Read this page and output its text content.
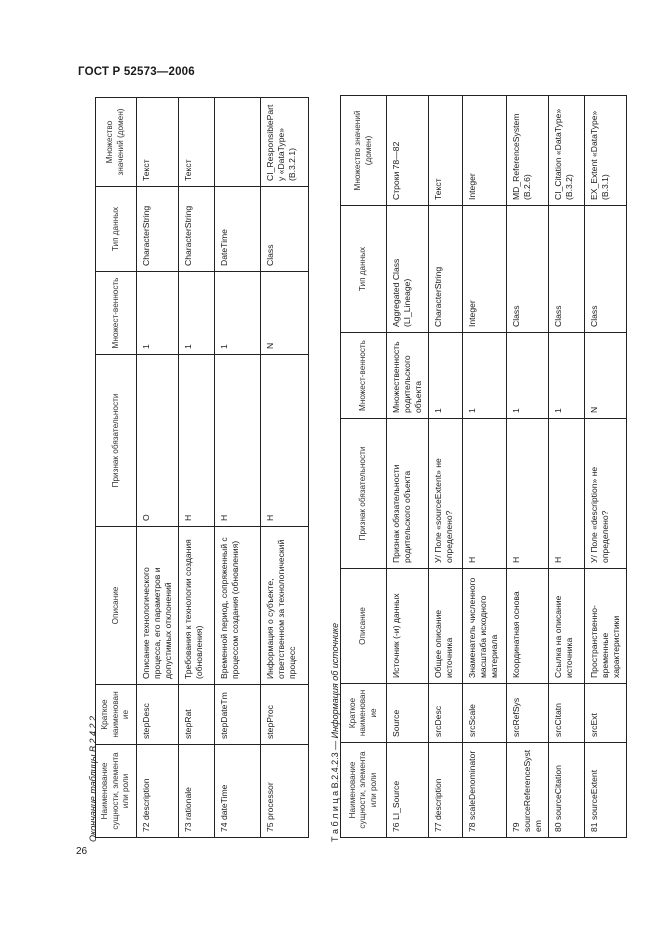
ГОСТ Р 52573—2006
Окончание таблицы В.2.4.2.2 Наименование сущности, элемента или роли	Краткое наименование	Описание	Признак обязательности	Множест-венность	Тип данных	Множество значений (домен)
72 description	stepDesc	Описание технологического процесса, его параметров и допустимых отклонений	О	1	CharacterString	Текст
73 rationale	stepRat	Требования к технологии создания (обновления)	Н	1	CharacterString	Текст
74 dateTime	stepDateTm	Временной период, сопряженный с процессом создания (обновления)	Н	1	DateTime	
75 processor	stepProc	Информация о субъекте, ответственном за технологический процесс	Н	N	Class	CI_ResponsibleParty «DataType» (B.3.2.1)
Т а б л и ц а В.2.4.2.3 — Информация об источнике
Наименование сущности, элемента или роли	Краткое наименование	Описание	Признак обязательности	Множест-венность	Тип данных	Множество значений (домен)
76 LI_Source	Source	Источник (-и) данных	Признак обязательности родительского объекта	Множественность родительского объекта	Aggregated Class (LI_Lineage)	Строки 78—82
77 description	srcDesc	Общее описание источника	У/ Поле «sourceExtent» не определено?	1	CharacterString	Текст
78 scaleDenominator	srcScale	Знаменатель численного масштаба исходного материала	Н	1	Integer	Integer
79 sourceReferenceSystem	srcRefSys	Координатная основа	Н	1	Class	MD_ReferenceSystem (B.2.6)
80 sourceCitation	srcCitatn	Ссылка на описание источника	Н	1	Class	CI_Citation «DataType» (B.3.2)
81 sourceExtent	srcExt	Пространственно-временные характеристики	У/ Поле «description» не определено?	N	Class	EX_Extent «DataType» (B.3.1)
26
